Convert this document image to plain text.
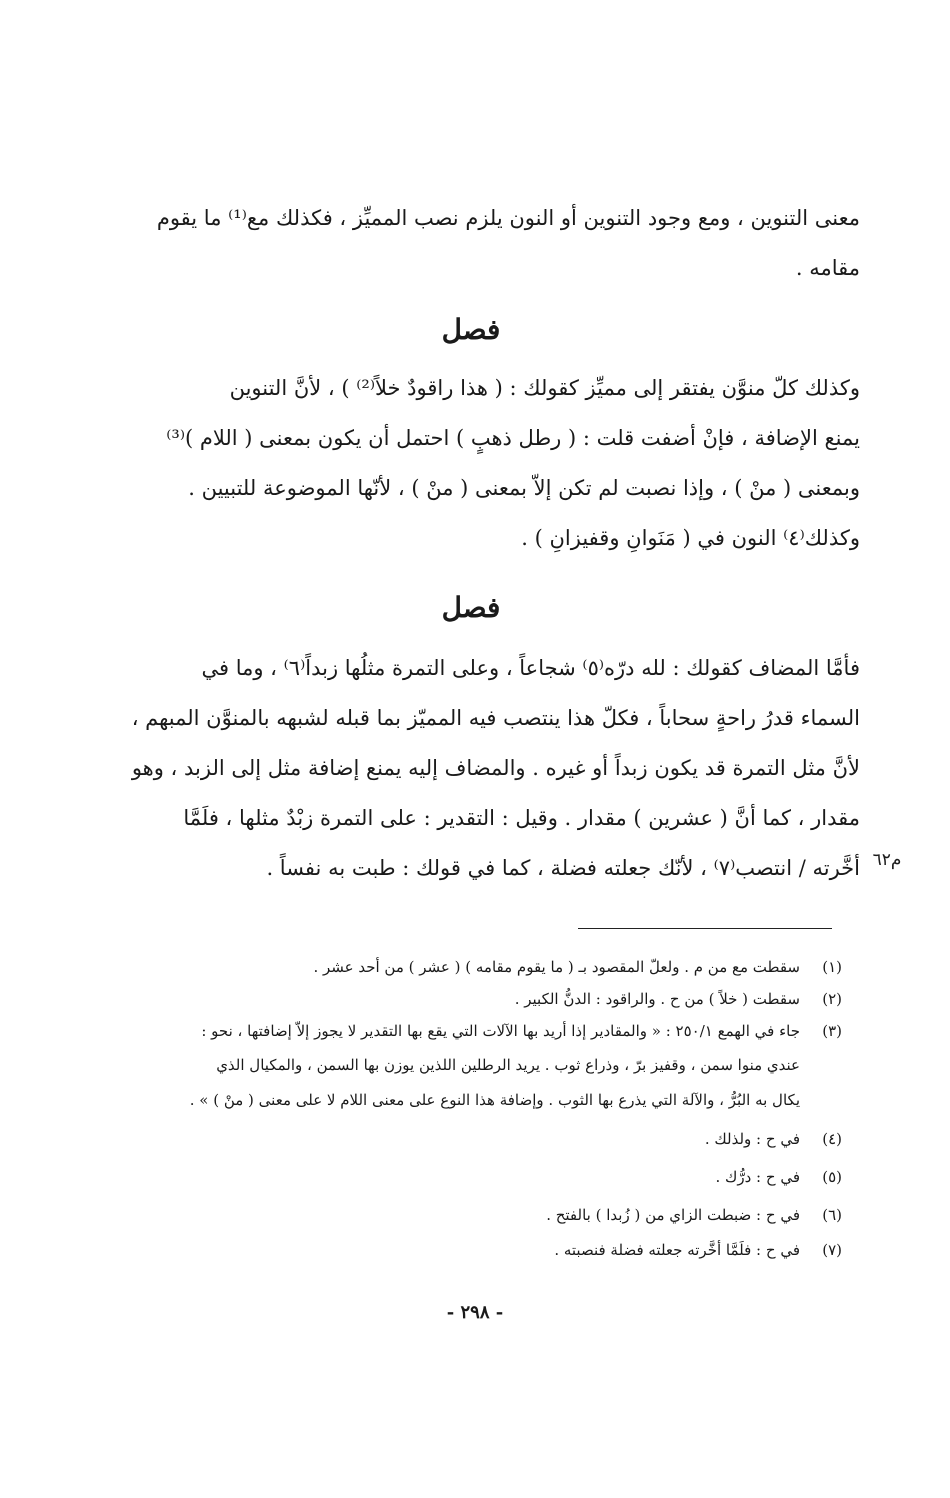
معنى التنوين ، ومع وجود التنوين أو النون يلزم نصب المميِّز ، فكذلك مع⁽¹⁾ ما يقوم
مقامه .
فصل
وكذلك كلّ منوَّن يفتقر إلى مميِّز كقولك : ( هذا راقودٌ خلاً⁽²⁾ ) ، لأنَّ التنوين
يمنع الإضافة ، فإنْ أضفت قلت : ( رطل ذهبٍ ) احتمل أن يكون بمعنى ( اللام )⁽³⁾
وبمعنى ( منْ ) ، وإذا نصبت لم تكن إلاّ بمعنى ( منْ ) ، لأنّها الموضوعة للتبيين .
وكذلك⁽٤⁾ النون في ( مَنَوانِ وقفيزانِ ) .
فصل
فأمَّا المضاف كقولك : لله درّه⁽٥⁾ شجاعاً ، وعلى التمرة مثلُها زبداً⁽٦⁾ ، وما في
السماء قدرُ راحةٍ سحاباً ، فكلّ هذا ينتصب فيه المميّز بما قبله لشبهه بالمنوَّن المبهم ،
لأنَّ مثل التمرة قد يكون زبداً أو غيره . والمضاف إليه يمنع إضافة مثل إلى الزبد ، وهو
مقدار ، كما أنَّ ( عشرين ) مقدار . وقيل : التقدير : على التمرة زبْدٌ مثلها ، فلَمَّا
أخَّرته / انتصب⁽٧⁾ ، لأنّك جعلته فضلة ، كما في قولك : طبت به نفساً . م٦٢
(١)
سقطت مع من م . ولعلّ المقصود بـ ( ما يقوم مقامه ) ( عشر ) من أحد عشر .
(٢)
سقطت ( خلاً ) من ح . والراقود : الدنُّ الكبير .
(٣)
جاء في الهمع ٢٥٠/١ : « والمقادير إذا أريد بها الآلات التي يقع بها التقدير لا يجوز إلاّ إضافتها ، نحو :
عندي منوا سمن ، وقفيز برّ ، وذراع ثوب . يريد الرطلين اللذين يوزن بها السمن ، والمكيال الذي
يكال به البُرُّ ، والآلة التي يذرع بها الثوب . وإضافة هذا النوع على معنى اللام لا على معنى ( منْ ) » .
(٤)
في ح : ولذلك .
(٥)
في ح : درُّك .
(٦)
في ح : ضبطت الزاي من ( زُبدا ) بالفتح .
(٧)
في ح : فلَمَّا أخَّرته جعلته فضلة فنصبته .
- ٢٩٨ -
